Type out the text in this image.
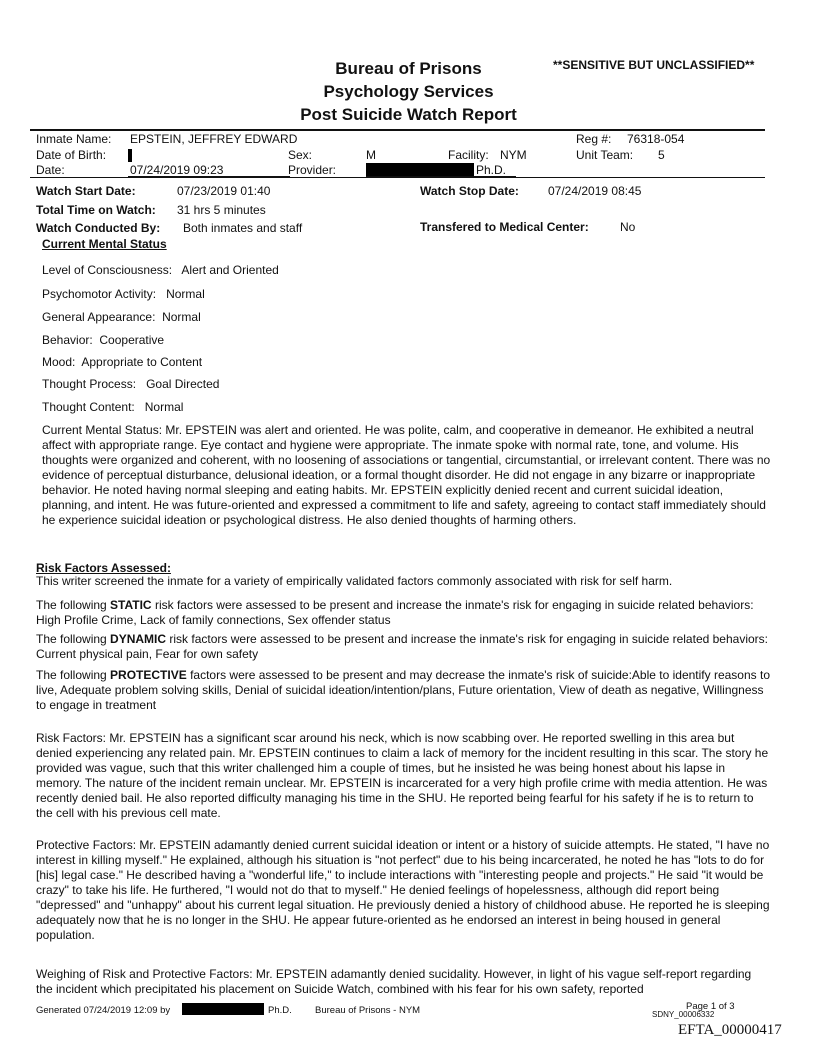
Bureau of Prisons
Psychology Services
Post Suicide Watch Report
**SENSITIVE BUT UNCLASSIFIED**
Inmate Name: EPSTEIN, JEFFREY EDWARD	Reg #: 76318-054
Date of Birth:	Sex:	M	Facility: NYM	Unit Team: 5
Date:	07/24/2019 09:23	Provider:	Ph.D.
Watch Start Date:	07/23/2019 01:40	Watch Stop Date: 07/24/2019 08:45
Total Time on Watch: 31 hrs 5 minutes
Watch Conducted By: Both inmates and staff	Transfered to Medical Center:	No
Current Mental Status
Level of Consciousness: Alert and Oriented
Psychomotor Activity: Normal
General Appearance: Normal
Behavior: Cooperative
Mood: Appropriate to Content
Thought Process: Goal Directed
Thought Content: Normal

Current Mental Status: Mr. EPSTEIN was alert and oriented. He was polite, calm, and cooperative in demeanor. He exhibited a neutral affect with appropriate range. Eye contact and hygiene were appropriate. The inmate spoke with normal rate, tone, and volume. His thoughts were organized and coherent, with no loosening of associations or tangential, circumstantial, or irrelevant content. There was no evidence of perceptual disturbance, delusional ideation, or a formal thought disorder. He did not engage in any bizarre or inappropriate behavior. He noted having normal sleeping and eating habits. Mr. EPSTEIN explicitly denied recent and current suicidal ideation, planning, and intent. He was future-oriented and expressed a commitment to life and safety, agreeing to contact staff immediately should he experience suicidal ideation or psychological distress. He also denied thoughts of harming others.

Risk Factors Assessed:

This writer screened the inmate for a variety of empirically validated factors commonly associated with risk for self harm.

The following STATIC risk factors were assessed to be present and increase the inmate's risk for engaging in suicide related behaviors: High Profile Crime, Lack of family connections, Sex offender status

The following DYNAMIC risk factors were assessed to be present and increase the inmate's risk for engaging in suicide related behaviors: Current physical pain, Fear for own safety

The following PROTECTIVE factors were assessed to be present and may decrease the inmate's risk of suicide:Able to identify reasons to live, Adequate problem solving skills, Denial of suicidal ideation/intention/plans, Future orientation, View of death as negative, Willingness to engage in treatment

Risk Factors: Mr. EPSTEIN has a significant scar around his neck, which is now scabbing over. He reported swelling in this area but denied experiencing any related pain. Mr. EPSTEIN continues to claim a lack of memory for the incident resulting in this scar. The story he provided was vague, such that this writer challenged him a couple of times, but he insisted he was being honest about his lapse in memory. The nature of the incident remain unclear. Mr. EPSTEIN is incarcerated for a very high profile crime with media attention. He was recently denied bail. He also reported difficulty managing his time in the SHU. He reported being fearful for his safety if he is to return to the cell with his previous cell mate.

Protective Factors: Mr. EPSTEIN adamantly denied current suicidal ideation or intent or a history of suicide attempts. He stated, "I have no interest in killing myself." He explained, although his situation is "not perfect" due to his being incarcerated, he noted he has "lots to do for [his] legal case." He described having a "wonderful life," to include interactions with "interesting people and projects." He said "it would be crazy" to take his life. He furthered, "I would not do that to myself." He denied feelings of hopelessness, although did report being "depressed" and "unhappy" about his current legal situation. He previously denied a history of childhood abuse. He reported he is sleeping adequately now that he is no longer in the SHU. He appear future-oriented as he endorsed an interest in being housed in general population.

Weighing of Risk and Protective Factors: Mr. EPSTEIN adamantly denied sucidality. However, in light of his vague self-report regarding the incident which precipitated his placement on Suicide Watch, combined with his fear for his own safety, reported

Generated 07/24/2019 12:09 by	Ph.D. Bureau of Prisons - NYM	Page 1 of 3
SDNY_00006332
EFTA_00000417
